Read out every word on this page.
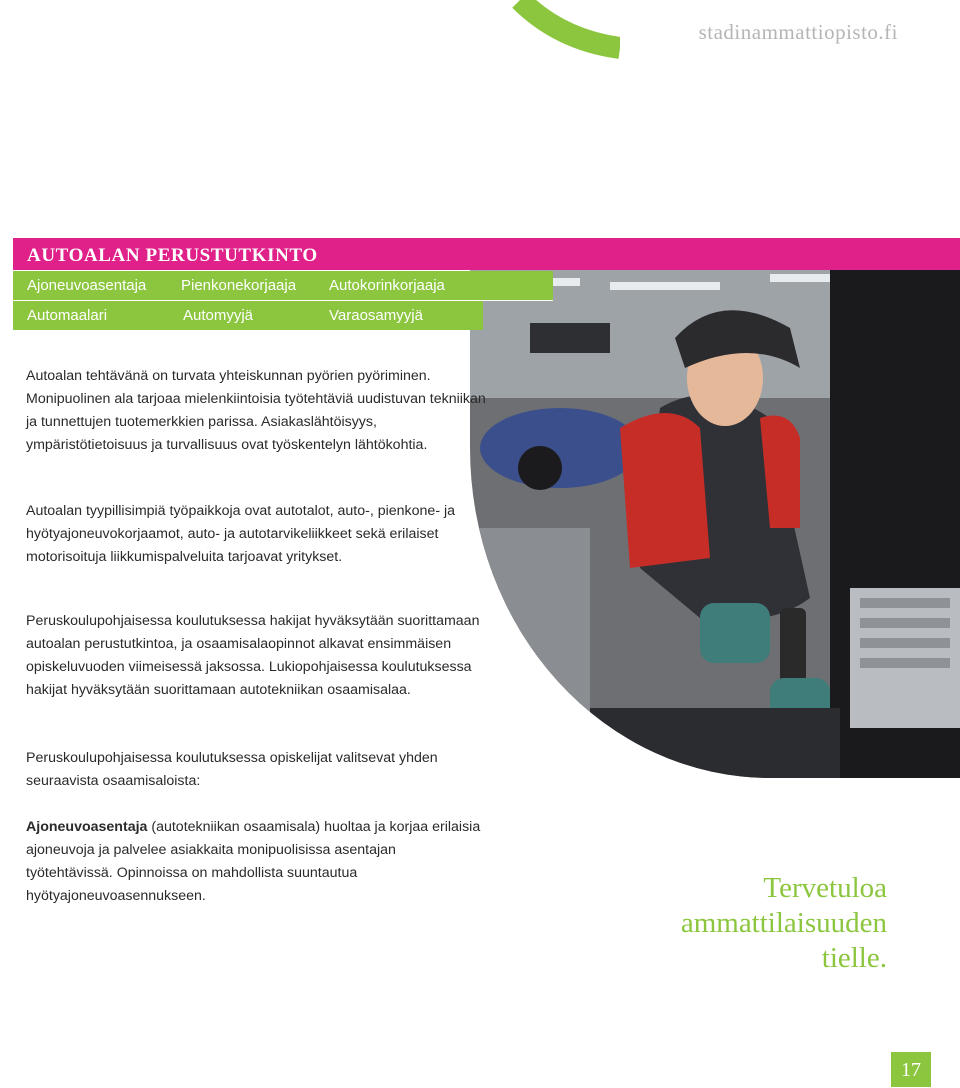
stadinammattiopisto.fi
AUTOALAN PERUSTUTKINTO
Ajoneuvoasentaja Pienkonekorjaaja Autokorinkorjaaja
Automaalari	Automyyjä	Varaosamyyjä

Autoalan tehtävänä on turvata yhteiskunnan pyörien pyöriminen. Monipuolinen ala tarjoaa mielenkiintoisia työtehtäviä uudistuvan tekniikan ja tunnettujen tuotemerkkien parissa. Asiakaslähtöisyys, ympäristötietoisuus ja turvallisuus ovat työskentelyn lähtökohtia.

Autoalan tyypillisimpiä työpaikkoja ovat autotalot, auto-, pienkone- ja hyötyajoneuvokorjaamot, auto- ja autotarvikeliikkeet sekä erilaiset motorisoituja liikkumispalveluita tarjoavat yritykset.

Peruskoulupohjaisessa koulutuksessa hakijat hyväksytään suorittamaan autoalan perustutkintoa, ja osaamisalaopinnot alkavat ensimmäisen opiskeluvuoden viimeisessä jaksossa. Lukiopohjaisessa koulutuksessa hakijat hyväksytään suorittamaan autotekniikan osaamisalaa.

Peruskoulupohjaisessa koulutuksessa opiskelijat valitsevat yhden seuraavista osaamisaloista:

Ajoneuvoasentaja (autotekniikan osaamisala) huoltaa ja korjaa erilaisia ajoneuvoja ja palvelee asiakkaita monipuolisissa asentajan työtehtävissä. Opinnoissa on mahdollista suuntautua hyötyajoneuvoasennukseen.	Tervetuloa
ammattilaisuuden
tielle.
17
